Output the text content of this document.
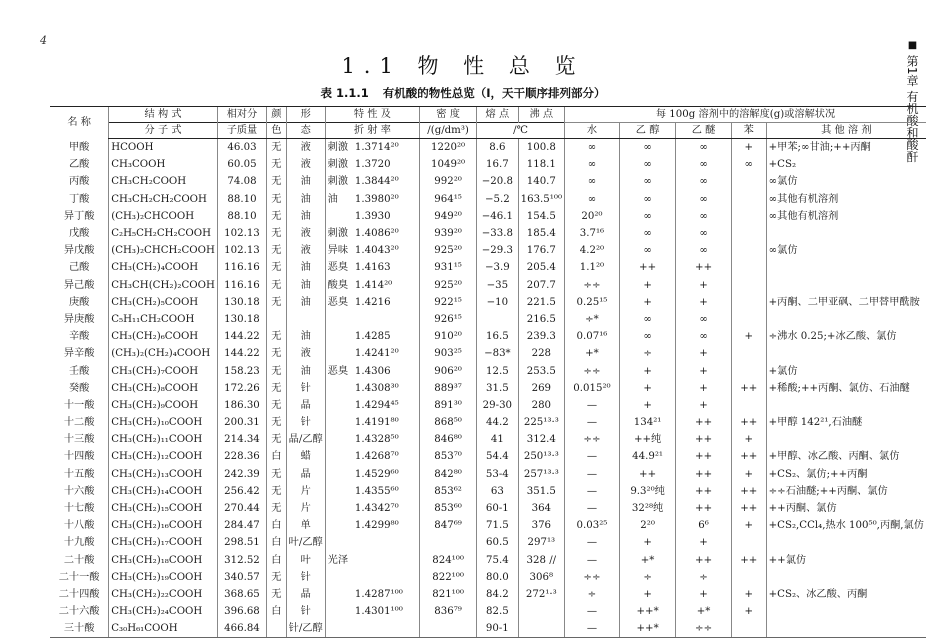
4
1.1 物 性 总 览
■ 第1章 有机酸和酸酐
表 1.1.1 有机酸的物性总览（Ⅰ，天干顺序排列部分）
名 称	结 构 式	相对分	颜	形	特 性 及		密 度	熔 点	沸 点	每 100g 溶剂中的溶解度(g)或溶解状况				
	分 子 式	子质量	色	态	折 射 率		/(g/dm³)	/℃		水	乙 醇	乙 醚	苯	其 他 溶 剂
甲酸	HCOOH	46.03	无	液	刺激	1.3714²⁰	1220²⁰	8.6	100.8	∞	∞	∞	+	+甲苯;∞甘油;++丙酮
乙酸	CH₃COOH	60.05	无	液	刺激	1.3720	1049²⁰	16.7	118.1	∞	∞	∞	∞	+CS₂
丙酸	CH₃CH₂COOH	74.08	无	油	刺激	1.3844²⁰	992²⁰	−20.8	140.7	∞	∞	∞		∞氯仿
丁酸	CH₃CH₂CH₂COOH	88.10	无	油	油	1.3980²⁰	964¹⁵	−5.2	163.5¹⁰⁰	∞	∞	∞		∞其他有机溶剂
异丁酸	(CH₃)₂CHCOOH	88.10	无	油		1.3930	949²⁰	−46.1	154.5	20²⁰	∞	∞		∞其他有机溶剂
戊酸	C₂H₅CH₂CH₂COOH	102.13	无	液	刺激	1.4086²⁰	939²⁰	−33.8	185.4	3.7¹⁶	∞	∞		
异戊酸	(CH₃)₂CHCH₂COOH	102.13	无	液	异味	1.4043²⁰	925²⁰	−29.3	176.7	4.2²⁰	∞	∞		∞氯仿
己酸	CH₃(CH₂)₄COOH	116.16	无	油	恶臭	1.4163	931¹⁵	−3.9	205.4	1.1²⁰	++	++		
异己酸	CH₃CH(CH₂)₂COOH	116.16	无	油	酸臭	1.414²⁰	925²⁰	−35	207.7	÷÷	+	+		
庚酸	CH₃(CH₂)₅COOH	130.18	无	油	恶臭	1.4216	922¹⁵	−10	221.5	0.25¹⁵	+	+		+丙酮、二甲亚砜、二甲替甲酰胺
异庚酸	C₅H₁₁CH₂COOH	130.18					926¹⁵		216.5	÷*	∞	∞		
辛酸	CH₃(CH₂)₆COOH	144.22	无	油		1.4285	910²⁰	16.5	239.3	0.07¹⁶	∞	∞	+	÷沸水 0.25;+冰乙酸、氯仿
异辛酸	(CH₃)₂(CH₂)₄COOH	144.22	无	液		1.4241²⁰	903²⁵	−83*	228	+*	÷	+		
壬酸	CH₃(CH₂)₇COOH	158.23	无	油	恶臭	1.4306	906²⁰	12.5	253.5	÷÷	+	+		+氯仿
癸酸	CH₃(CH₂)₈COOH	172.26	无	针		1.4308³⁰	889³⁷	31.5	269	0.015²⁰	+	+	++	+稀酸;++丙酮、氯仿、石油醚
十一酸	CH₃(CH₂)₉COOH	186.30	无	晶		1.4294⁴⁵	891³⁰	29-30	280	—	+	+		
十二酸	CH₃(CH₂)₁₀COOH	200.31	无	针		1.4191⁸⁰	868⁵⁰	44.2	225¹³·³	—	134²¹	++	++	+甲醇 142²¹,石油醚
十三酸	CH₃(CH₂)₁₁COOH	214.34	无	晶/乙醇		1.4328⁵⁰	846⁸⁰	41	312.4	÷÷	++纯	++	+	
十四酸	CH₃(CH₂)₁₂COOH	228.36	白	蜡		1.4268⁷⁰	853⁷⁰	54.4	250¹³·³	—	44.9²¹	++	++	+甲醇、冰乙酸、丙酮、氯仿
十五酸	CH₃(CH₂)₁₃COOH	242.39	无	晶		1.4529⁶⁰	842⁸⁰	53-4	257¹³·³	—	++	++	+	+CS₂、氯仿;++丙酮
十六酸	CH₃(CH₂)₁₄COOH	256.42	无	片		1.4355⁶⁰	853⁶²	63	351.5	—	9.3²⁰纯	++	++	÷÷石油醚;++丙酮、氯仿
十七酸	CH₃(CH₂)₁₅COOH	270.44	无	片		1.4342⁷⁰	853⁶⁰	60-1	364	—	32²⁸纯	++	++	++丙酮、氯仿
十八酸	CH₃(CH₂)₁₆COOH	284.47	白	单		1.4299⁸⁰	847⁶⁹	71.5	376	0.03²⁵	2²⁰	6⁶	+	+CS₂,CCl₄,热水 100⁵⁰,丙酮,氯仿
十九酸	CH₃(CH₂)₁₇COOH	298.51	白	叶/乙醇				60.5	297¹³	—	+	+		
二十酸	CH₃(CH₂)₁₈COOH	312.52	白	叶	光泽		824¹⁰⁰	75.4	328 //	—	+*	++	++	++氯仿
二十一酸	CH₃(CH₂)₁₉COOH	340.57	无	针			822¹⁰⁰	80.0	306⁸	÷÷	÷	÷		
二十四酸	CH₃(CH₂)₂₂COOH	368.65	无	晶		1.4287¹⁰⁰	821¹⁰⁰	84.2	272¹·³	÷	+	+	+	+CS₂、冰乙酸、丙酮
二十六酸	CH₃(CH₂)₂₄COOH	396.68	白	针		1.4301¹⁰⁰	836⁷⁹	82.5		—	++*	+*	+	
三十酸	C₃₀H₆₁COOH	466.84		针/乙醇				90-1		—	++*	÷÷		
